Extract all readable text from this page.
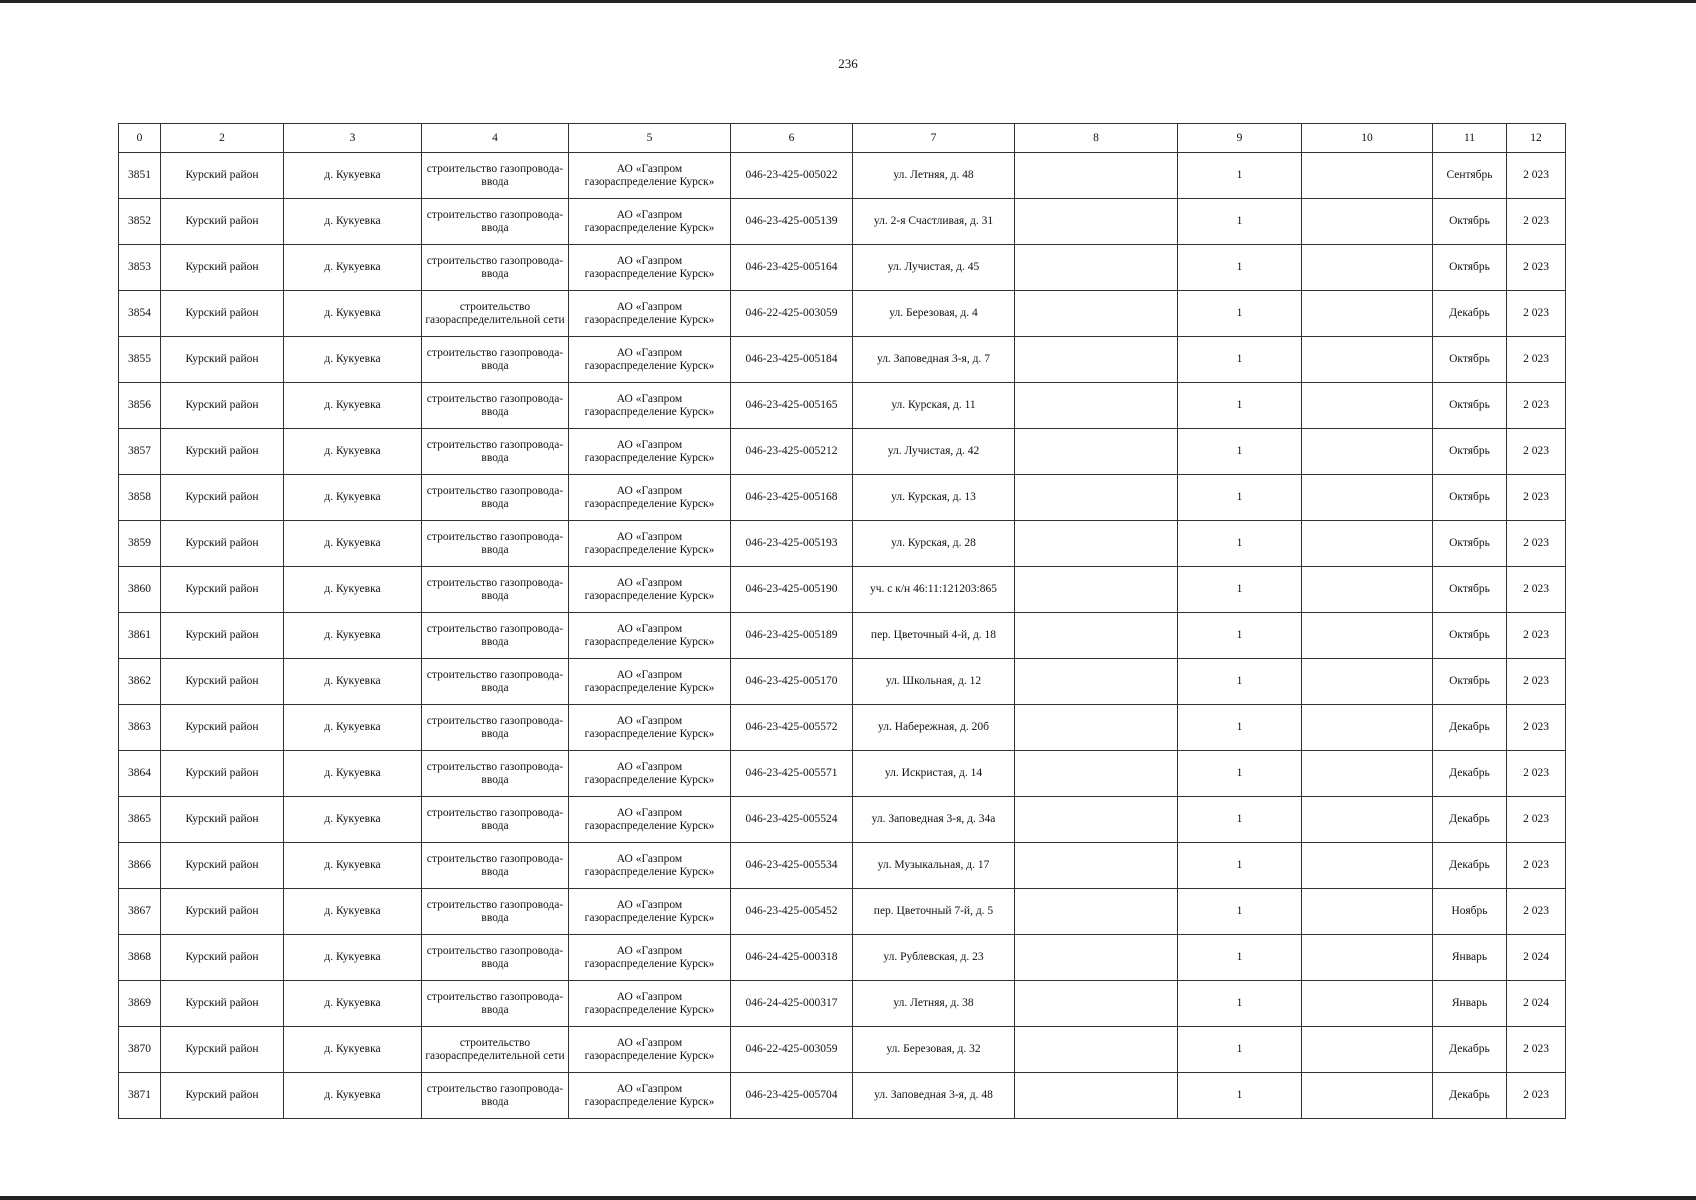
236
0	2	3	4	5	6	7	8	9	10	11	12
3851	Курский район	д. Кукуевка	строительство газопровода-ввода	АО «Газпром газораспределение Курск»	046-23-425-005022	ул. Летняя, д. 48		1		Сентябрь	2 023
3852	Курский район	д. Кукуевка	строительство газопровода-ввода	АО «Газпром газораспределение Курск»	046-23-425-005139	ул. 2-я Счастливая, д. 31		1		Октябрь	2 023
3853	Курский район	д. Кукуевка	строительство газопровода-ввода	АО «Газпром газораспределение Курск»	046-23-425-005164	ул. Лучистая, д. 45		1		Октябрь	2 023
3854	Курский район	д. Кукуевка	строительство газораспределительной сети	АО «Газпром газораспределение Курск»	046-22-425-003059	ул. Березовая, д. 4		1		Декабрь	2 023
3855	Курский район	д. Кукуевка	строительство газопровода-ввода	АО «Газпром газораспределение Курск»	046-23-425-005184	ул. Заповедная 3-я, д. 7		1		Октябрь	2 023
3856	Курский район	д. Кукуевка	строительство газопровода-ввода	АО «Газпром газораспределение Курск»	046-23-425-005165	ул. Курская, д. 11		1		Октябрь	2 023
3857	Курский район	д. Кукуевка	строительство газопровода-ввода	АО «Газпром газораспределение Курск»	046-23-425-005212	ул. Лучистая, д. 42		1		Октябрь	2 023
3858	Курский район	д. Кукуевка	строительство газопровода-ввода	АО «Газпром газораспределение Курск»	046-23-425-005168	ул. Курская, д. 13		1		Октябрь	2 023
3859	Курский район	д. Кукуевка	строительство газопровода-ввода	АО «Газпром газораспределение Курск»	046-23-425-005193	ул. Курская, д. 28		1		Октябрь	2 023
3860	Курский район	д. Кукуевка	строительство газопровода-ввода	АО «Газпром газораспределение Курск»	046-23-425-005190	уч. с к/н 46:11:121203:865		1		Октябрь	2 023
3861	Курский район	д. Кукуевка	строительство газопровода-ввода	АО «Газпром газораспределение Курск»	046-23-425-005189	пер. Цветочный 4-й, д. 18		1		Октябрь	2 023
3862	Курский район	д. Кукуевка	строительство газопровода-ввода	АО «Газпром газораспределение Курск»	046-23-425-005170	ул. Школьная, д. 12		1		Октябрь	2 023
3863	Курский район	д. Кукуевка	строительство газопровода-ввода	АО «Газпром газораспределение Курск»	046-23-425-005572	ул. Набережная, д. 20б		1		Декабрь	2 023
3864	Курский район	д. Кукуевка	строительство газопровода-ввода	АО «Газпром газораспределение Курск»	046-23-425-005571	ул. Искристая, д. 14		1		Декабрь	2 023
3865	Курский район	д. Кукуевка	строительство газопровода-ввода	АО «Газпром газораспределение Курск»	046-23-425-005524	ул. Заповедная 3-я, д. 34а		1		Декабрь	2 023
3866	Курский район	д. Кукуевка	строительство газопровода-ввода	АО «Газпром газораспределение Курск»	046-23-425-005534	ул. Музыкальная, д. 17		1		Декабрь	2 023
3867	Курский район	д. Кукуевка	строительство газопровода-ввода	АО «Газпром газораспределение Курск»	046-23-425-005452	пер. Цветочный 7-й, д. 5		1		Ноябрь	2 023
3868	Курский район	д. Кукуевка	строительство газопровода-ввода	АО «Газпром газораспределение Курск»	046-24-425-000318	ул. Рублевская, д. 23		1		Январь	2 024
3869	Курский район	д. Кукуевка	строительство газопровода-ввода	АО «Газпром газораспределение Курск»	046-24-425-000317	ул. Летняя, д. 38		1		Январь	2 024
3870	Курский район	д. Кукуевка	строительство газораспределительной сети	АО «Газпром газораспределение Курск»	046-22-425-003059	ул. Березовая, д. 32		1		Декабрь	2 023
3871	Курский район	д. Кукуевка	строительство газопровода-ввода	АО «Газпром газораспределение Курск»	046-23-425-005704	ул. Заповедная 3-я, д. 48		1		Декабрь	2 023
